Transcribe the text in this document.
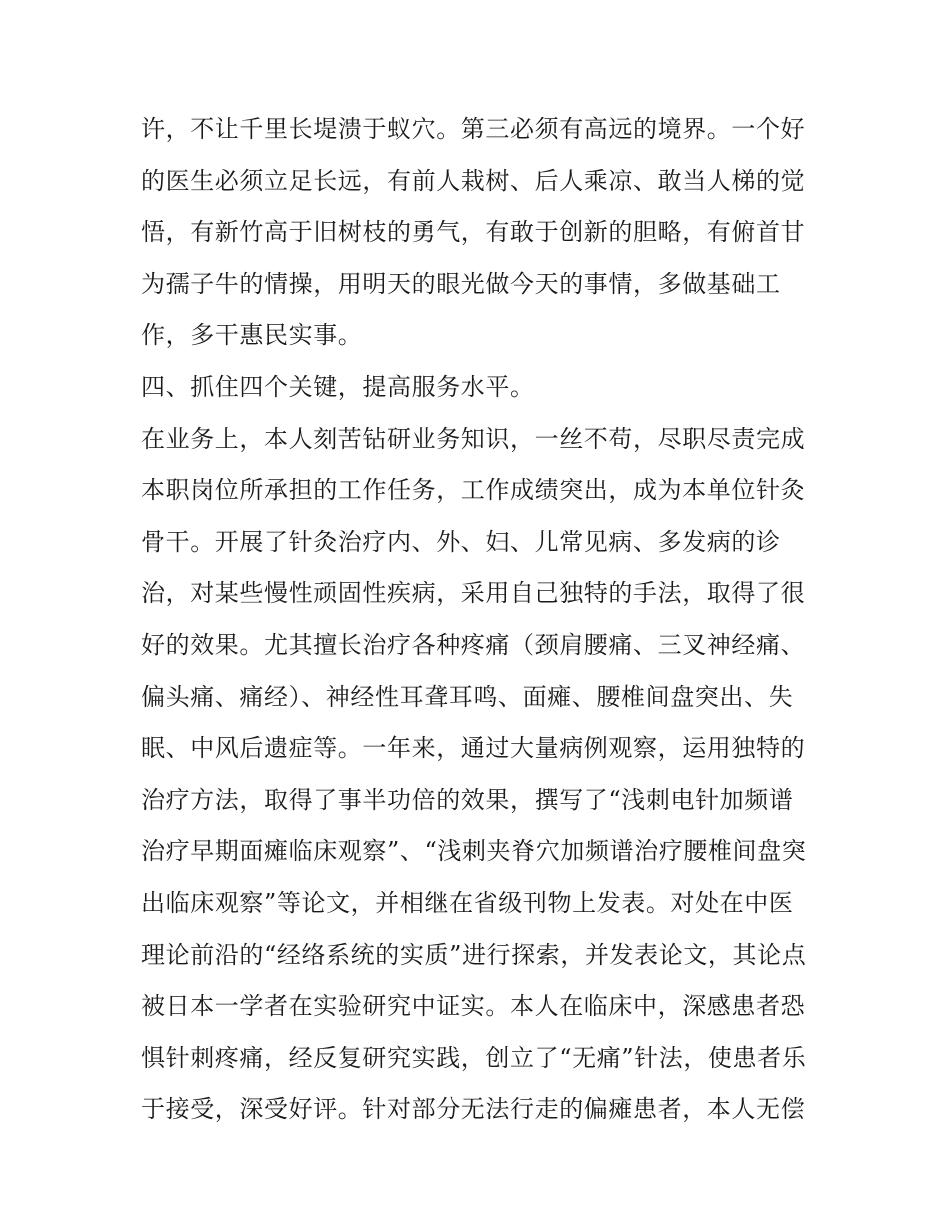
许，不让千里长堤溃于蚁穴。第三必须有高远的境界。一个好
的医生必须立足长远，有前人栽树、后人乘凉、敢当人梯的觉
悟，有新竹高于旧树枝的勇气，有敢于创新的胆略，有俯首甘
为孺子牛的情操，用明天的眼光做今天的事情，多做基础工
作，多干惠民实事。
四、抓住四个关键，提高服务水平。
在业务上，本人刻苦钻研业务知识，一丝不苟，尽职尽责完成
本职岗位所承担的工作任务，工作成绩突出，成为本单位针灸
骨干。开展了针灸治疗内、外、妇、儿常见病、多发病的诊
治，对某些慢性顽固性疾病，采用自己独特的手法，取得了很
好的效果。尤其擅长治疗各种疼痛（颈肩腰痛、三叉神经痛、
偏头痛、痛经）、神经性耳聋耳鸣、面瘫、腰椎间盘突出、失
眠、中风后遗症等。一年来，通过大量病例观察，运用独特的
治疗方法，取得了事半功倍的效果，撰写了“浅刺电针加频谱
治疗早期面瘫临床观察”、“浅刺夹脊穴加频谱治疗腰椎间盘突
出临床观察”等论文，并相继在省级刊物上发表。对处在中医
理论前沿的“经络系统的实质”进行探索，并发表论文，其论点
被日本一学者在实验研究中证实。本人在临床中，深感患者恐
惧针刺疼痛，经反复研究实践，创立了“无痛”针法，使患者乐
于接受，深受好评。针对部分无法行走的偏瘫患者，本人无偿
